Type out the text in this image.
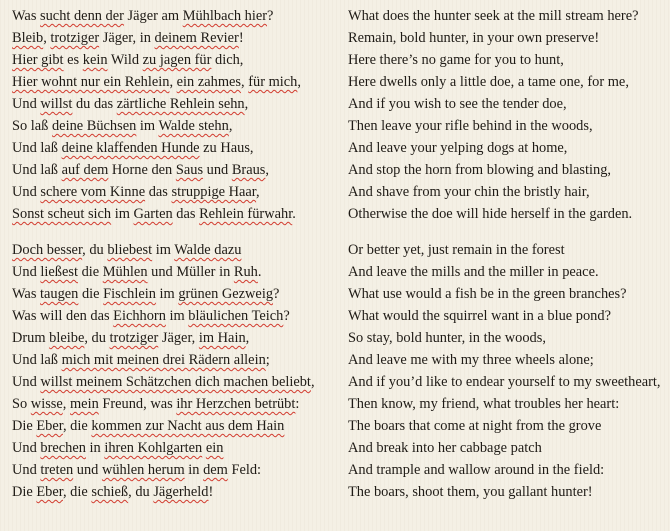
Was sucht denn der Jäger am Mühlbach hier?
Bleib, trotziger Jäger, in deinem Revier!
Hier gibt es kein Wild zu jagen für dich,
Hier wohnt nur ein Rehlein, ein zahmes, für mich,
Und willst du das zärtliche Rehlein sehn,
So laß deine Büchsen im Walde stehn,
Und laß deine klaffenden Hunde zu Haus,
Und laß auf dem Horne den Saus und Braus,
Und schere vom Kinne das struppige Haar,
Sonst scheut sich im Garten das Rehlein fürwahr.
Doch besser, du bliebest im Walde dazu
Und ließest die Mühlen und Müller in Ruh.
Was taugen die Fischlein im grünen Gezweig?
Was will den das Eichhorn im bläulichen Teich?
Drum bleibe, du trotziger Jäger, im Hain,
Und laß mich mit meinen drei Rädern allein;
Und willst meinem Schätzchen dich machen beliebt,
So wisse, mein Freund, was ihr Herzchen betrübt:
Die Eber, die kommen zur Nacht aus dem Hain
Und brechen in ihren Kohlgarten ein
Und treten und wühlen herum in dem Feld:
Die Eber, die schieß, du Jägerheld!
What does the hunter seek at the mill stream here?
Remain, bold hunter, in your own preserve!
Here there’s no game for you to hunt,
Here dwells only a little doe, a tame one, for me,
And if you wish to see the tender doe,
Then leave your rifle behind in the woods,
And leave your yelping dogs at home,
And stop the horn from blowing and blasting,
And shave from your chin the bristly hair,
Otherwise the doe will hide herself in the garden.
Or better yet, just remain in the forest
And leave the mills and the miller in peace.
What use would a fish be in the green branches?
What would the squirrel want in a blue pond?
So stay, bold hunter, in the woods,
And leave me with my three wheels alone;
And if you’d like to endear yourself to my sweetheart,
Then know, my friend, what troubles her heart:
The boars that come at night from the grove
And break into her cabbage patch
And trample and wallow around in the field:
The boars, shoot them, you gallant hunter!
